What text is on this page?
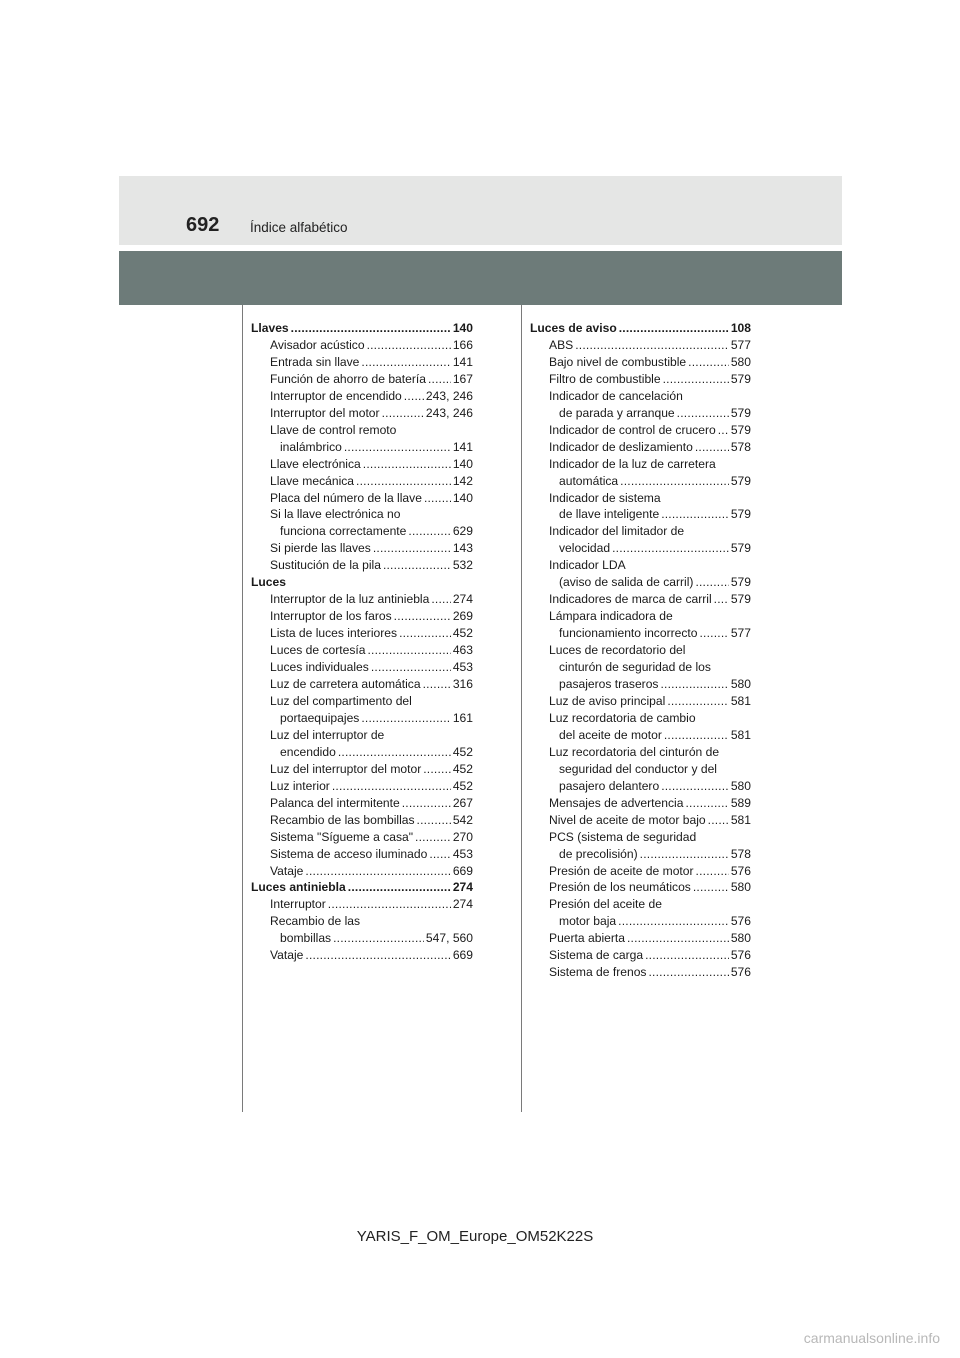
692 Índice alfabético
Llaves .....	140
Avisador acústico .....	166
Entrada sin llave .....	141
Función de ahorro de batería ..... 167
Interruptor de encendido ..... 243, 246
Interruptor del motor .....	243, 246
Llave de control remoto
inalámbrico .....	141
Llave electrónica .....	140
Llave mecánica .....	142
Placa del número de la llave .....	140
Si la llave electrónica no
funciona correctamente .....	629
Si pierde las llaves .....	143
Sustitución de la pila .....	532
Luces
Interruptor de la luz antiniebla ..... 274
Interruptor de los faros .....	269
Lista de luces interiores .....	452
Luces de cortesía .....	463
Luces individuales .....	453
Luz de carretera automática .....	316
Luz del compartimento del
portaequipajes .....	161
Luz del interruptor de
encendido .....	452
Luz del interruptor del motor .....	452
Luz interior .....	452
Palanca del intermitente .....	267
Recambio de las bombillas .....	542
Sistema "Sígueme a casa" .....	270
Sistema de acceso iluminado ..... 453
Vataje .....	669
Luces antiniebla .....	274
Interruptor .....	274
Recambio de las
bombillas .....	547, 560
Vataje .....	669
Luces de aviso .....	108
ABS .....	577
Bajo nivel de combustible .....	580
Filtro de combustible .....	579
Indicador de cancelación
de parada y arranque .....	579
Indicador de control de crucero ..... 579
Indicador de deslizamiento .....	578
Indicador de la luz de carretera
automática .....	579
Indicador de sistema
de llave inteligente .....	579
Indicador del limitador de
velocidad .....	579
Indicador LDA
(aviso de salida de carril) .....	579
Indicadores de marca de carril ..... 579
Lámpara indicadora de
funcionamiento incorrecto .....	577
Luces de recordatorio del
cinturón de seguridad de los
pasajeros traseros .....	580
Luz de aviso principal .....	581
Luz recordatoria de cambio
del aceite de motor .....	581
Luz recordatoria del cinturón de
seguridad del conductor y del
pasajero delantero .....	580
Mensajes de advertencia .....	589
Nivel de aceite de motor bajo ..... 581
PCS (sistema de seguridad
de precolisión) .....	578
Presión de aceite de motor .....	576
Presión de los neumáticos .....	580
Presión del aceite de
motor baja .....	576
Puerta abierta .....	580
Sistema de carga .....	576
Sistema de frenos .....	576
YARIS_F_OM_Europe_OM52K22S
carmanualsonline.info
